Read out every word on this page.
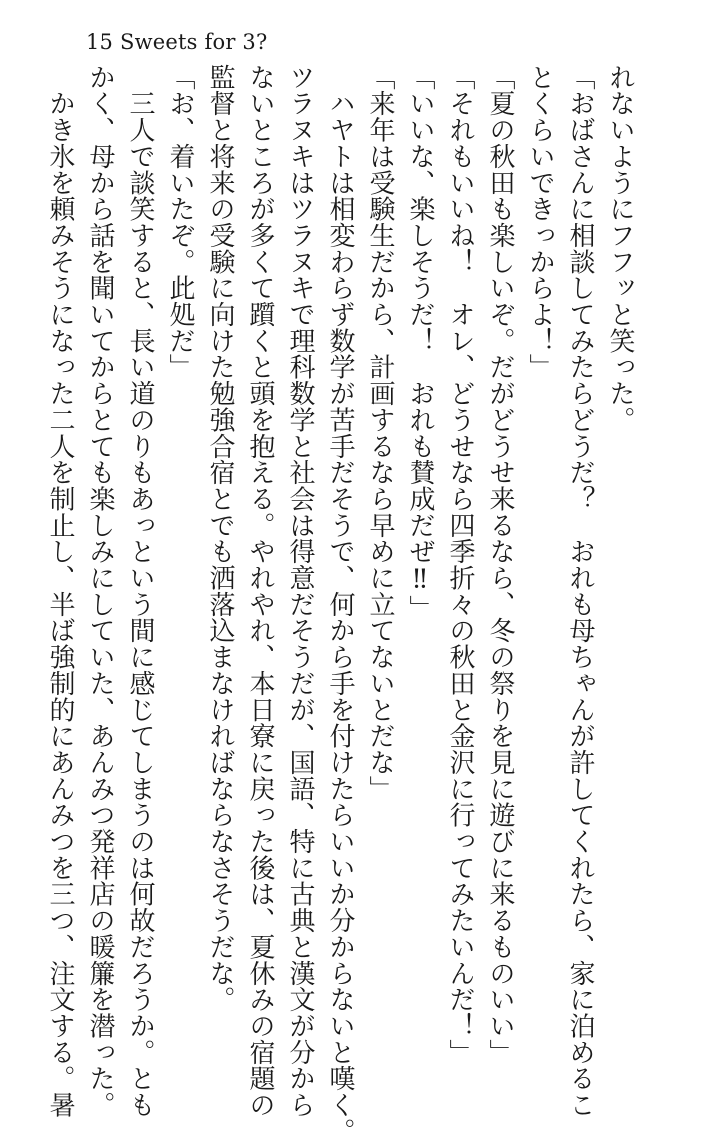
15 Sweets for 3?
れないようにフフッと笑った。
「おばさんに相談してみたらどうだ？　おれも母ちゃんが許してくれたら、家に泊めるこ
とくらいできっからよ！」
「夏の秋田も楽しいぞ。だがどうせ来るなら、冬の祭りを見に遊びに来るものいい」
「それもいいね！　オレ、どうせなら四季折々の秋田と金沢に行ってみたいんだ！」
「いいな、楽しそうだ！　おれも賛成だぜ‼」
「来年は受験生だから、計画するなら早めに立てないとだな」
　ハヤトは相変わらず数学が苦手だそうで、何から手を付けたらいいか分からないと嘆く。
ツラヌキはツラヌキで理科数学と社会は得意だそうだが、国語、特に古典と漢文が分から
ないところが多くて躓くと頭を抱える。やれやれ、本日寮に戻った後は、夏休みの宿題の
監督と将来の受験に向けた勉強合宿とでも洒落込まなければならなさそうだな。
「お、着いたぞ。此処だ」
　三人で談笑すると、長い道のりもあっという間に感じてしまうのは何故だろうか。とも
かく、母から話を聞いてからとても楽しみにしていた、あんみつ発祥店の暖簾を潜った。
　かき氷を頼みそうになった二人を制止し、半ば強制的にあんみつを三つ、注文する。暑
